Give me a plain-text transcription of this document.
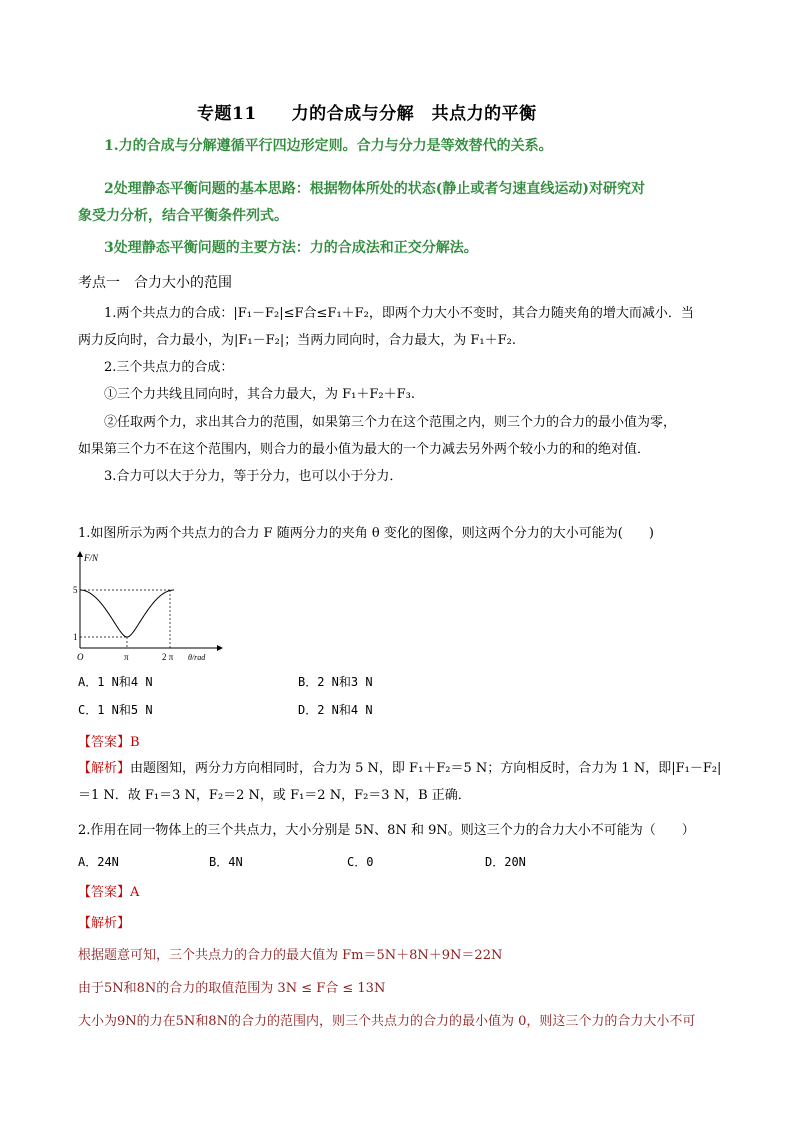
专题11　　力的合成与分解　共点力的平衡
1.力的合成与分解遵循平行四边形定则。合力与分力是等效替代的关系。
2处理静态平衡问题的基本思路：根据物体所处的状态(静止或者匀速直线运动)对研究对
象受力分析，结合平衡条件列式。
3处理静态平衡问题的主要方法：力的合成法和正交分解法。
考点一　合力大小的范围
1.两个共点力的合成：|F₁－F₂|≤F合≤F₁＋F₂，即两个力大小不变时，其合力随夹角的增大而减小．当
两力反向时，合力最小，为|F₁－F₂|；当两力同向时，合力最大，为 F₁＋F₂.
2.三个共点力的合成：
①三个力共线且同向时，其合力最大，为 F₁＋F₂＋F₃.
②任取两个力，求出其合力的范围，如果第三个力在这个范围之内，则三个力的合力的最小值为零，
如果第三个力不在这个范围内，则合力的最小值为最大的一个力减去另外两个较小力的和的绝对值．
3.合力可以大于分力，等于分力，也可以小于分力．
1.如图所示为两个共点力的合力 F 随两分力的夹角 θ 变化的图像，则这两个分力的大小可能为(　　)
F/N
θ/rad
O
5
1
π	2 π
A．1 N和4 N	B．2 N和3 N
C．1 N和5 N	D．2 N和4 N
【答案】B
【解析】由题图知，两分力方向相同时，合力为 5 N，即 F₁＋F₂＝5 N；方向相反时，合力为 1 N，即|F₁－F₂|
＝1 N．故 F₁＝3 N，F₂＝2 N，或 F₁＝2 N，F₂＝3 N，B 正确．
2.作用在同一物体上的三个共点力，大小分别是 5N、8N 和 9N。则这三个力的合力大小不可能为（　　）
A．24N	B．4N	C．0	D．20N
【答案】A
【解析】
根据题意可知，三个共点力的合力的最大值为 Fm＝5N＋8N＋9N＝22N
由于5N和8N的合力的取值范围为 3N ≤ F合 ≤ 13N
大小为9N的力在5N和8N的合力的范围内，则三个共点力的合力的最小值为 0，则这三个力的合力大小不可
